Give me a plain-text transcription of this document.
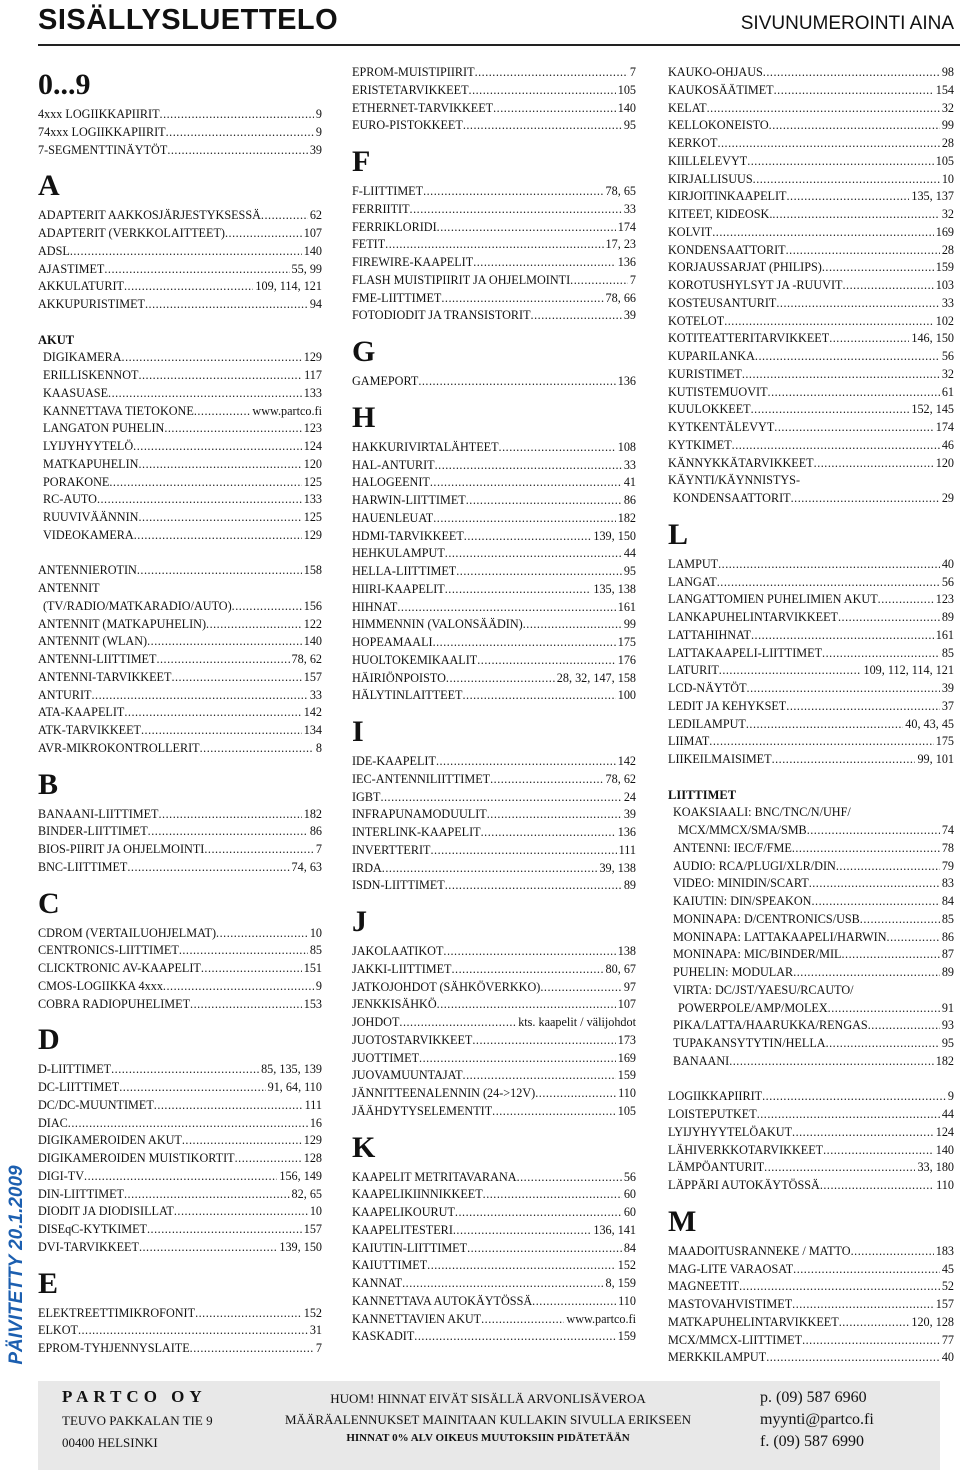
SISÄLLYSLUETTELO	SIVUNUMEROINTI AINA
PÄIVITETTY 20.1.2009
0...9
4xxx LOGIIKKAPIIRIT .....	9
74xxx LOGIIKKAPIIRIT .....	9
7-SEGMENTTINÄYTÖT .....	39
A
ADAPTERIT AAKKOSJÄRJESTYKSESSÄ .....	62
ADAPTERIT (VERKKOLAITTEET) .....	107
ADSL .....	140
AJASTIMET .....	55, 99
AKKULATURIT .....	109, 114, 121
AKKUPURISTIMET .....	94
AKUT
DIGIKAMERA .....	129
ERILLISKENNOT .....	117
KAASUASE .....	133
KANNETTAVA TIETOKONE .....	www.partco.fi
LANGATON PUHELIN .....	123
LYIJYHYYTELÖ .....	124
MATKAPUHELIN .....	120
PORAKONE .....	125
RC-AUTO .....	133
RUUVIVÄÄNNIN .....	125
VIDEOKAMERA .....	129
ANTENNIEROTIN .....	158
ANTENNIT
(TV/RADIO/MATKARADIO/AUTO) .....	156
ANTENNIT (MATKAPUHELIN) .....	122
ANTENNIT (WLAN) .....	140
ANTENNI-LIITTIMET .....	78, 62
ANTENNI-TARVIKKEET .....	157
ANTURIT .....	33
ATA-KAAPELIT .....	142
ATK-TARVIKKEET .....	134
AVR-MIKROKONTROLLERIT .....	8
B
BANAANI-LIITTIMET .....	182
BINDER-LIITTIMET .....	86
BIOS-PIIRIT JA OHJELMOINTI .....	7
BNC-LIITTIMET .....	74, 63
C
CDROM (VERTAILUOHJELMAT) .....	10
CENTRONICS-LIITTIMET .....	85
CLICKTRONIC AV-KAAPELIT .....	151
CMOS-LOGIIKKA 4xxx .....	9
COBRA RADIOPUHELIMET .....	153
D
D-LIITTIMET .....	85, 135, 139
DC-LIITTIMET .....	91, 64, 110
DC/DC-MUUNTIMET .....	111
DIAC .....	16
DIGIKAMEROIDEN AKUT .....	129
DIGIKAMEROIDEN MUISTIKORTIT .....	128
DIGI-TV .....	156, 149
DIN-LIITTIMET .....	82, 65
DIODIT JA DIODISILLAT .....	10
DISEqC-KYTKIMET .....	157
DVI-TARVIKKEET .....	139, 150
E
ELEKTREETTIMIKROFONIT .....	152
ELKOT .....	31
EPROM-TYHJENNYSLAITE .....	7
EPROM-MUISTIPIIRIT .....	7
ERISTETARVIKKEET .....	105
ETHERNET-TARVIKKEET .....	140
EURO-PISTOKKEET .....	95
F
F-LIITTIMET .....	78, 65
FERRIITIT .....	33
FERRIKLORIDI .....	174
FETIT .....	17, 23
FIREWIRE-KAAPELIT .....	136
FLASH MUISTIPIIRIT JA OHJELMOINTI .....	7
FME-LIITTIMET .....	78, 66
FOTODIODIT JA TRANSISTORIT .....	39
G
GAMEPORT .....	136
H
HAKKURIVIRTALÄHTEET .....	108
HAL-ANTURIT .....	33
HALOGEENIT .....	41
HARWIN-LIITTIMET .....	86
HAUENLEUAT .....	182
HDMI-TARVIKKEET .....	139, 150
HEHKULAMPUT .....	44
HELLA-LIITTIMET .....	95
HIIRI-KAAPELIT .....	135, 138
HIHNAT .....	161
HIMMENNIN (VALONSÄÄDIN) .....	99
HOPEAMAALI .....	175
HUOLTOKEMIKAALIT .....	176
HÄIRIÖNPOISTO .....	28, 32, 147, 158
HÄLYTINLAITTEET .....	100
I
IDE-KAAPELIT .....	142
IEC-ANTENNILIITTIMET .....	78, 62
IGBT .....	24
INFRAPUNAMODUULIT .....	39
INTERLINK-KAAPELIT .....	136
INVERTTERIT .....	111
IRDA .....	39, 138
ISDN-LIITTIMET .....	89
J
JAKOLAATIKOT .....	138
JAKKI-LIITTIMET .....	80, 67
JATKOJOHDOT (SÄHKÖVERKKO) .....	97
JENKKISÄHKÖ .....	107
JOHDOT .....	kts. kaapelit / välijohdot
JUOTOSTARVIKKEET .....	173
JUOTTIMET .....	169
JUOVAMUUNTAJAT .....	159
JÄNNITTEENALENNIN (24->12V) .....	110
JÄÄHDYTYSELEMENTIT .....	105
K
KAAPELIT METRITAVARANA .....	56
KAAPELIKIINNIKKEET .....	60
KAAPELIKOURUT .....	60
KAAPELITESTERI .....	136, 141
KAIUTIN-LIITTIMET .....	84
KAIUTTIMET .....	152
KANNAT .....	8, 159
KANNETTAVA AUTOKÄYTÖSSÄ .....	110
KANNETTAVIEN AKUT .....	www.partco.fi
KASKADIT .....	159
KAUKO-OHJAUS .....	98
KAUKOSÄÄTIMET .....	154
KELAT .....	32
KELLOKONEISTO .....	99
KERKOT .....	28
KIILLELEVYT .....	105
KIRJALLISUUS .....	10
KIRJOITINKAAPELIT .....	135, 137
KITEET, KIDEOSK. .....	32
KOLVIT .....	169
KONDENSAATTORIT .....	28
KORJAUSSARJAT (PHILIPS) .....	159
KOROTUSHYLSYT JA -RUUVIT .....	103
KOSTEUSANTURIT .....	33
KOTELOT .....	102
KOTITEATTERITARVIKKEET .....	146, 150
KUPARILANKA .....	56
KURISTIMET .....	32
KUTISTEMUOVIT .....	61
KUULOKKEET .....	152, 145
KYTKENTÄLEVYT .....	174
KYTKIMET .....	46
KÄNNYKKÄTARVIKKEET .....	120
KÄYNTI/KÄYNNISTYS-
KONDENSAATTORIT .....	29
L
LAMPUT .....	40
LANGAT .....	56
LANGATTOMIEN PUHELIMIEN AKUT .....	123
LANKAPUHELINTARVIKKEET .....	89
LATTAHIHNAT .....	161
LATTAKAAPELI-LIITTIMET .....	85
LATURIT .....	109, 112, 114, 121
LCD-NÄYTÖT .....	39
LEDIT JA KEHYKSET .....	37
LEDILAMPUT .....	40, 43, 45
LIIMAT .....	175
LIIKEILMAISIMET .....	99, 101
LIITTIMET
KOAKSIAALI: BNC/TNC/N/UHF/
MCX/MMCX/SMA/SMB .....	74
ANTENNI: IEC/F/FME .....	78
AUDIO: RCA/PLUGI/XLR/DIN .....	79
VIDEO: MINIDIN/SCART .....	83
KAIUTIN: DIN/SPEAKON .....	84
MONINAPA: D/CENTRONICS/USB .....	85
MONINAPA: LATTAKAAPELI/HARWIN .....	86
MONINAPA: MIC/BINDER/MIL .....	87
PUHELIN: MODULAR .....	89
VIRTA: DC/JST/YAESU/RCAUTO/
POWERPOLE/AMP/MOLEX .....	91
PIKA/LATTA/HAARUKKA/RENGAS .....	93
TUPAKANSYTYTIN/HELLA .....	95
BANAANI .....	182
LOGIIKKAPIIRIT .....	9
LOISTEPUTKET .....	44
LYIJYHYYTELÖAKUT .....	124
LÄHIVERKKOTARVIKKEET .....	140
LÄMPÖANTURIT .....	33, 180
LÄPPÄRI AUTOKÄYTÖSSÄ .....	110
M
MAADOITUSRANNEKE / MATTO .....	183
MAG-LITE VARAOSAT .....	45
MAGNEETIT .....	52
MASTOVAHVISTIMET .....	157
MATKAPUHELINTARVIKKEET .....	120, 128
MCX/MMCX-LIITTIMET .....	77
MERKKILAMPUT .....	40
PARTCO OY
TEUVO PAKKALAN TIE 9
00400 HELSINKI
HUOM! HINNAT EIVÄT SISÄLLÄ ARVONLISÄVEROA
MÄÄRÄALENNUKSET MAINITAAN KULLAKIN SIVULLA ERIKSEEN
HINNAT 0% ALV OIKEUS MUUTOKSIIN PIDÄTETÄÄN
p. (09) 587 6960
myynti@partco.fi
f. (09) 587 6990
